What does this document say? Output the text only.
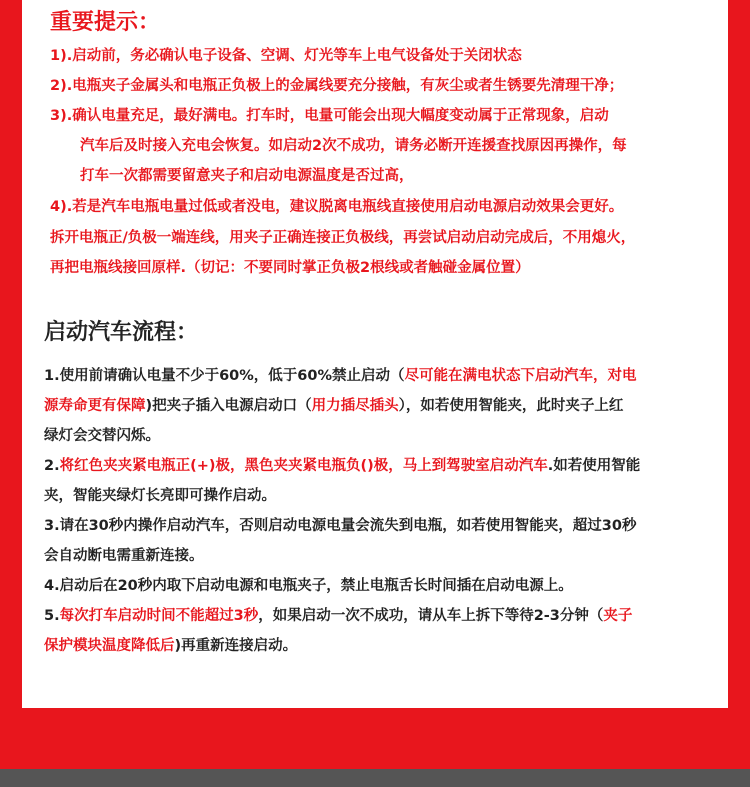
重要提示：
1).启动前，务必确认电子设备、空调、灯光等车上电气设备处于关闭状态
2).电瓶夹子金属头和电瓶正负极上的金属线要充分接触，有灰尘或者生锈要先清理干净；
3).确认电量充足，最好满电。打车时，电量可能会出现大幅度变动属于正常现象，启动
汽车后及时接入充电会恢复。如启动2次不成功，请务必断开连援查找原因再操作，每
打车一次都需要留意夹子和启动电源温度是否过高，
4).若是汽车电瓶电量过低或者没电，建议脱离电瓶线直接使用启动电源启动效果会更好。
拆开电瓶正/负极一端连线，用夹子正确连接正负极线，再尝试启动启动完成后，不用熄火，
再把电瓶线接回原样.（切记：不要同时掌正负极2根线或者触碰金属位置）
启动汽车流程：
1.使用前请确认电量不少于60%，低于60%禁止启动（尽可能在满电状态下启动汽车，对电
源寿命更有保障)把夹子插入电源启动口（用力插尽插头），如若使用智能夹，此时夹子上红
绿灯会交替闪烁。
2.将红色夹夹紧电瓶正(+)极，黑色夹夹紧电瓶负()极，马上到驾驶室启动汽车.如若使用智能
夹，智能夹绿灯长亮即可操作启动。
3.请在30秒内操作启动汽车，否则启动电源电量会流失到电瓶，如若使用智能夹，超过30秒
会自动断电需重新连接。
4.启动后在20秒内取下启动电源和电瓶夹子，禁止电瓶舌长时间插在启动电源上。
5.每次打车启动时间不能超过3秒，如果启动一次不成功，请从车上拆下等待2-3分钟（夹子
保护模块温度降低后)再重新连接启动。
